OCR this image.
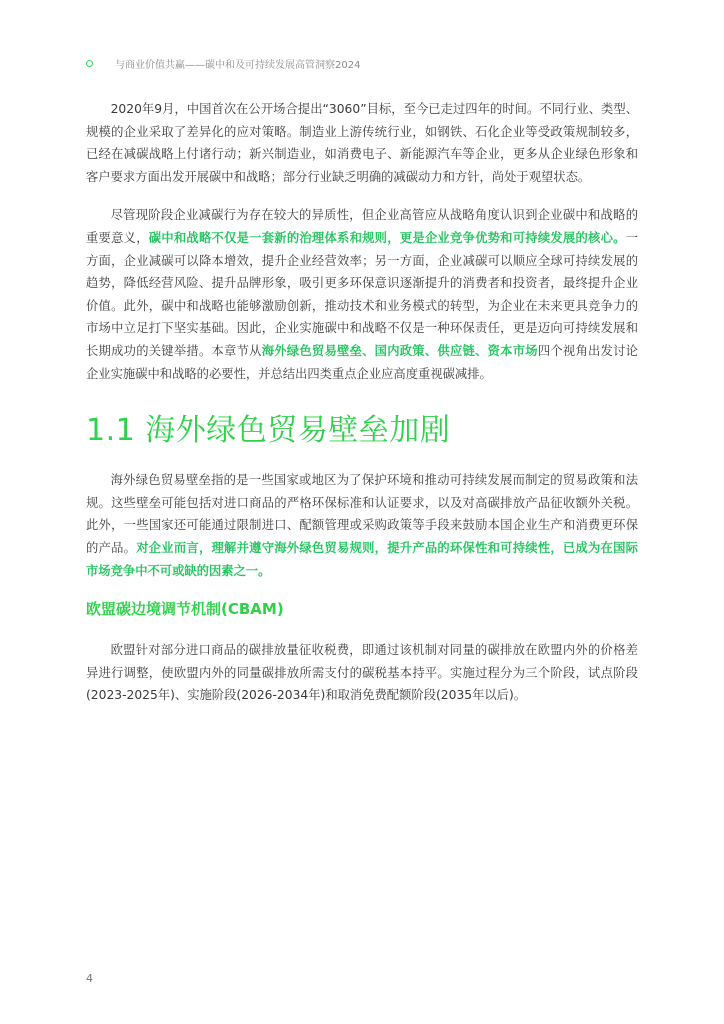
与商业价值共赢——碳中和及可持续发展高管洞察2024

2020年9月，中国首次在公开场合提出“3060”目标，至今已走过四年的时间。不同行业、类型、规模的企业采取了差异化的应对策略。制造业上游传统行业，如钢铁、石化企业等受政策规制较多，已经在减碳战略上付诸行动；新兴制造业，如消费电子、新能源汽车等企业，更多从企业绿色形象和客户要求方面出发开展碳中和战略；部分行业缺乏明确的减碳动力和方针，尚处于观望状态。

尽管现阶段企业减碳行为存在较大的异质性，但企业高管应从战略角度认识到企业碳中和战略的重要意义，碳中和战略不仅是一套新的治理体系和规则，更是企业竞争优势和可持续发展的核心。一方面，企业减碳可以降本增效，提升企业经营效率；另一方面，企业减碳可以顺应全球可持续发展的趋势，降低经营风险、提升品牌形象，吸引更多环保意识逐渐提升的消费者和投资者，最终提升企业价值。此外，碳中和战略也能够激励创新，推动技术和业务模式的转型，为企业在未来更具竞争力的市场中立足打下坚实基础。因此，企业实施碳中和战略不仅是一种环保责任，更是迈向可持续发展和长期成功的关键举措。本章节从海外绿色贸易壁垒、国内政策、供应链、资本市场四个视角出发讨论企业实施碳中和战略的必要性，并总结出四类重点企业应高度重视碳减排。

1.1 海外绿色贸易壁垒加剧

海外绿色贸易壁垒指的是一些国家或地区为了保护环境和推动可持续发展而制定的贸易政策和法规。这些壁垒可能包括对进口商品的严格环保标准和认证要求，以及对高碳排放产品征收额外关税。此外，一些国家还可能通过限制进口、配额管理或采购政策等手段来鼓励本国企业生产和消费更环保的产品。对企业而言，理解并遵守海外绿色贸易规则，提升产品的环保性和可持续性，已成为在国际市场竞争中不可或缺的因素之一。

欧盟碳边境调节机制(CBAM)

欧盟针对部分进口商品的碳排放量征收税费，即通过该机制对同量的碳排放在欧盟内外的价格差异进行调整，使欧盟内外的同量碳排放所需支付的碳税基本持平。实施过程分为三个阶段，试点阶段(2023-2025年)、实施阶段(2026-2034年)和取消免费配额阶段(2035年以后)。

4
